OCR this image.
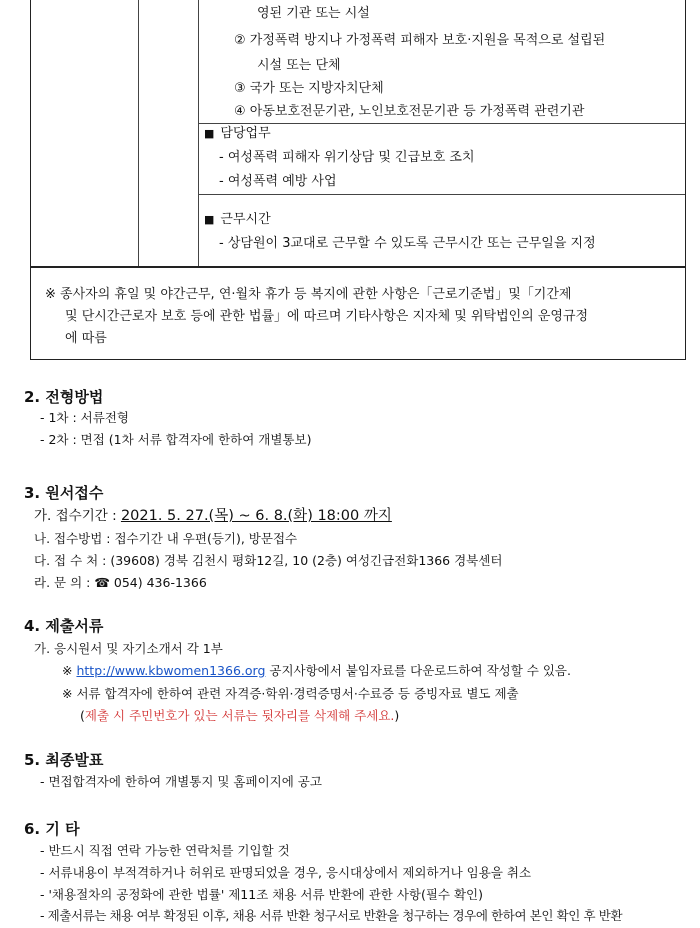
영된 기관 또는 시설
② 가정폭력 방지나 가정폭력 피해자 보호·지원을 목적으로 설립된
시설 또는 단체
③ 국가 또는 지방자치단체
④ 아동보호전문기관, 노인보호전문기관 등 가정폭력 관련기관
■ 담당업무
- 여성폭력 피해자 위기상담 및 긴급보호 조치
- 여성폭력 예방 사업
■ 근무시간
- 상담원이 3교대로 근무할 수 있도록 근무시간 또는 근무일을 지정
※ 종사자의 휴일 및 야간근무, 연·월차 휴가 등 복지에 관한 사항은「근로기준법」및「기간제
및 단시간근로자 보호 등에 관한 법률」에 따르며 기타사항은 지자체 및 위탁법인의 운영규정
에 따름
2. 전형방법
- 1차 : 서류전형
- 2차 : 면접 (1차 서류 합격자에 한하여 개별통보)
3. 원서접수
가. 접수기간 : 2021. 5. 27.(목) ~ 6. 8.(화) 18:00 까지
나. 접수방법 : 접수기간 내 우편(등기), 방문접수
다. 접 수 처 : (39608) 경북 김천시 평화12길, 10 (2층) 여성긴급전화1366 경북센터
라. 문 의 : ☎ 054) 436-1366
4. 제출서류
가. 응시원서 및 자기소개서 각 1부
※ http://www.kbwomen1366.org 공지사항에서 붙임자료를 다운로드하여 작성할 수 있음.
※ 서류 합격자에 한하여 관련 자격증·학위·경력증명서·수료증 등 증빙자료 별도 제출
(제출 시 주민번호가 있는 서류는 뒷자리를 삭제해 주세요.)
5. 최종발표
- 면접합격자에 한하여 개별통지 및 홈페이지에 공고
6. 기 타
- 반드시 직접 연락 가능한 연락처를 기입할 것
- 서류내용이 부적격하거나 허위로 판명되었을 경우, 응시대상에서 제외하거나 임용을 취소
- '채용절차의 공정화에 관한 법률' 제11조 채용 서류 반환에 관한 사항(필수 확인)
- 제출서류는 채용 여부 확정된 이후, 채용 서류 반환 청구서로 반환을 청구하는 경우에 한하여 본인 확인 후 반환
